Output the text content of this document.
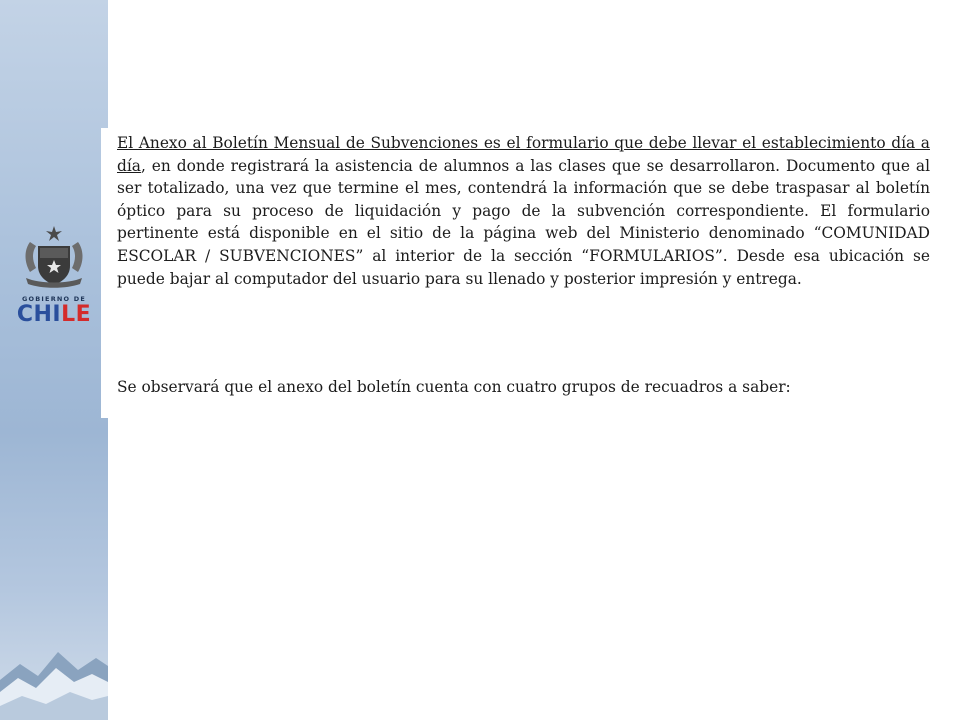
GOBIERNO DE
CHILE

El Anexo al Boletín Mensual de Subvenciones es el formulario que debe llevar el establecimiento día a día, en donde registrará la asistencia de alumnos a las clases que se desarrollaron. Documento que al ser totalizado, una vez que termine el mes, contendrá la información que se debe traspasar al boletín óptico para su proceso de liquidación y pago de la subvención correspondiente. El formulario pertinente está disponible en el sitio de la página web del Ministerio denominado “COMUNIDAD ESCOLAR / SUBVENCIONES” al interior de la sección “FORMULARIOS”. Desde esa ubicación se puede bajar al computador del usuario para su llenado y posterior impresión y entrega.

Se observará que el anexo del boletín cuenta con cuatro grupos de recuadros a saber:
